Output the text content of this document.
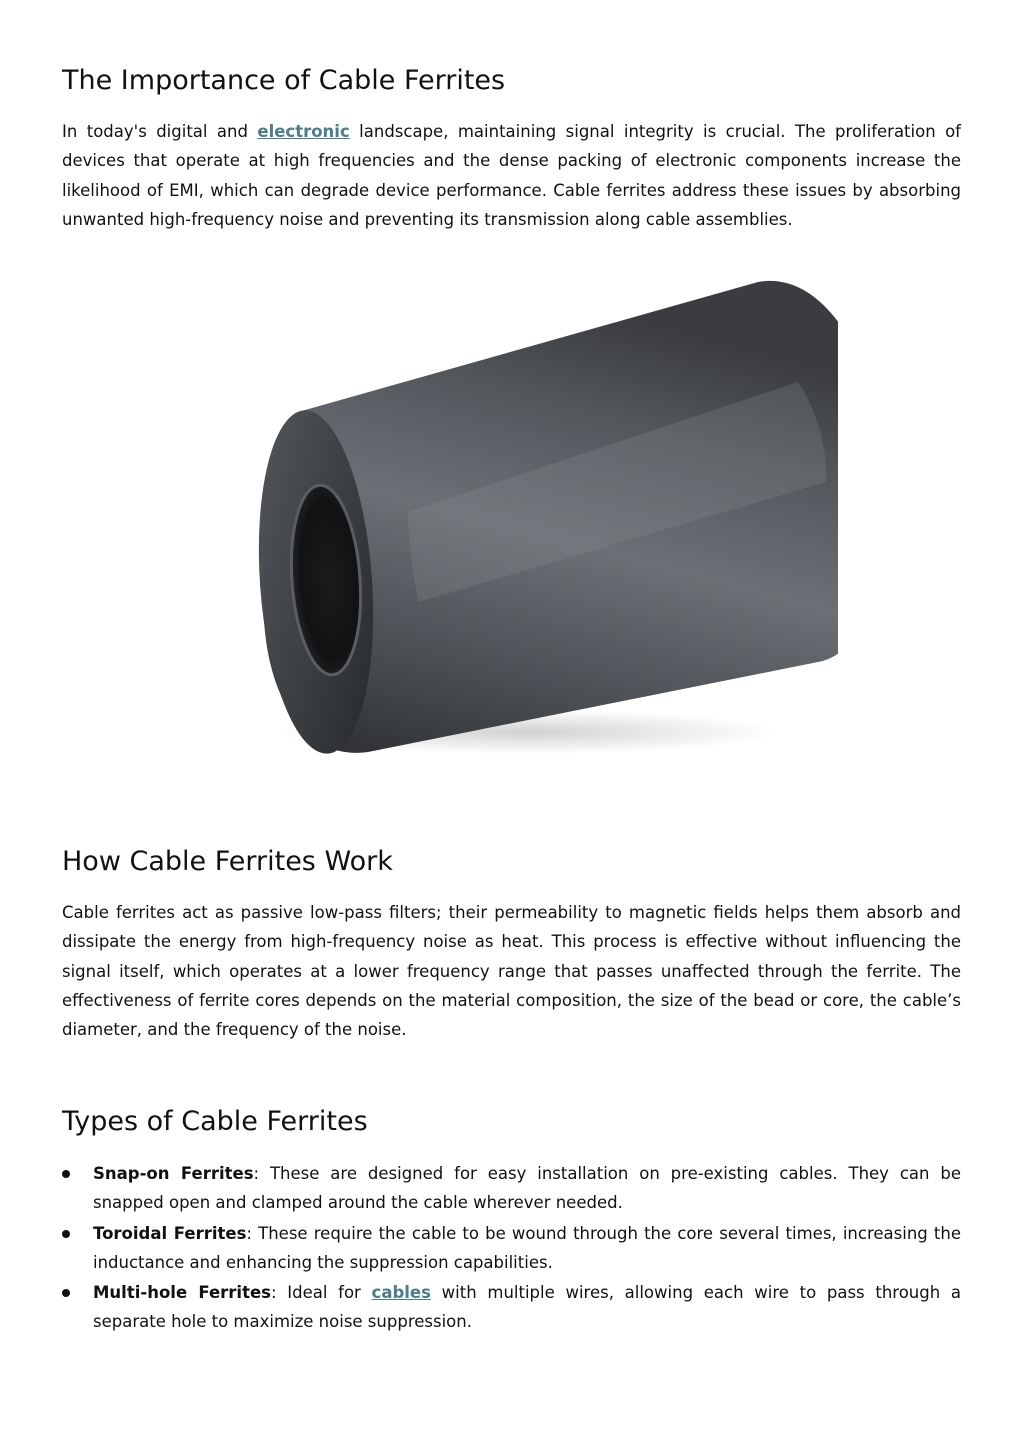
The Importance of Cable Ferrites

In today's digital and electronic landscape, maintaining signal integrity is crucial. The proliferation of devices that operate at high frequencies and the dense packing of electronic components increase the likelihood of EMI, which can degrade device performance. Cable ferrites address these issues by absorbing unwanted high-frequency noise and preventing its transmission along cable assemblies.

How Cable Ferrites Work

Cable ferrites act as passive low-pass filters; their permeability to magnetic fields helps them absorb and dissipate the energy from high-frequency noise as heat. This process is effective without influencing the signal itself, which operates at a lower frequency range that passes unaffected through the ferrite. The effectiveness of ferrite cores depends on the material composition, the size of the bead or core, the cable’s diameter, and the frequency of the noise.

Types of Cable Ferrites
Snap-on Ferrites: These are designed for easy installation on pre-existing cables. They can be snapped open and clamped around the cable wherever needed.
Toroidal Ferrites: These require the cable to be wound through the core several times, increasing the inductance and enhancing the suppression capabilities.
Multi-hole Ferrites: Ideal for cables with multiple wires, allowing each wire to pass through a separate hole to maximize noise suppression.
